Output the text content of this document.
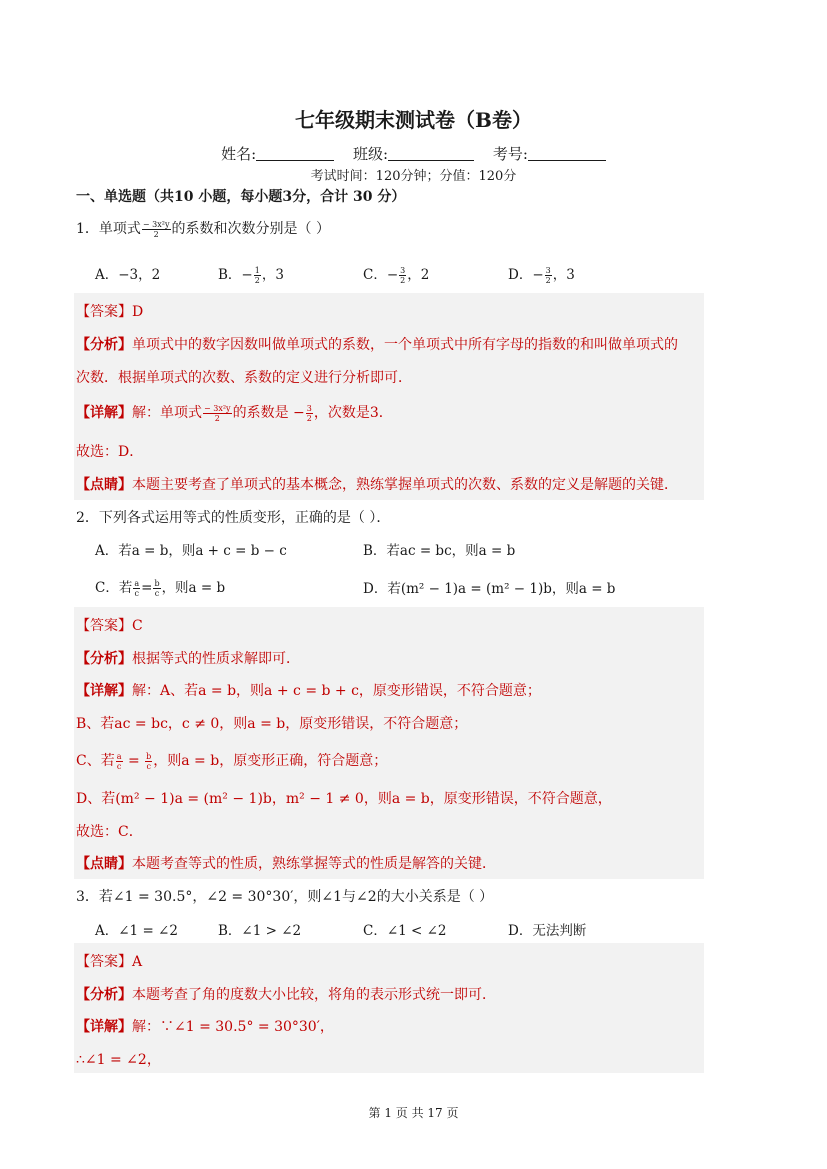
七年级期末测试卷（B卷）
姓名:	班级:	考号:
考试时间：120分钟；分值：120分
一、单选题（共10 小题，每小题3分，合计 30 分）
1．单项式 $\frac{\text{− 3x²y}}{2}$ 的系数和次数分别是（ ）
A．−3，2	B．− $\frac{1}{2}$ ，3	C．− $\frac{3}{2}$ ，2	D．− $\frac{3}{2}$ ，3
【答案】D
【分析】单项式中的数字因数叫做单项式的系数，一个单项式中所有字母的指数的和叫做单项式的
次数．根据单项式的次数、系数的定义进行分析即可．
【详解】解：单项式 $\frac{\text{− 3x²y}}{2}$ 的系数是 − $\frac{3}{2}$ ，次数是3．
故选：D．
【点睛】本题主要考查了单项式的基本概念，熟练掌握单项式的次数、系数的定义是解题的关键．
2．下列各式运用等式的性质变形，正确的是（ ）．
A．若a = b，则a + c = b − c	B．若ac = bc，则a = b
C．若 $\frac{a}{c} = \frac{b}{c}$ ，则a = b	D．若(m² − 1)a = (m² − 1)b，则a = b
【答案】C
【分析】根据等式的性质求解即可．
【详解】解：A、若a = b，则a + c = b + c，原变形错误，不符合题意；
B、若ac = bc，c ≠ 0，则a = b，原变形错误，不符合题意；
C、若 $\frac{a}{c} = \frac{b}{c}$ ，则a = b，原变形正确，符合题意；
D、若(m² − 1)a = (m² − 1)b，m² − 1 ≠ 0，则a = b，原变形错误，不符合题意，
故选：C．
【点睛】本题考查等式的性质，熟练掌握等式的性质是解答的关键．
3．若∠1 = 30.5°，∠2 = 30°30′，则∠1与∠2的大小关系是（ ）
A．∠1 = ∠2	B．∠1 > ∠2	C．∠1 < ∠2	D．无法判断
【答案】A
【分析】本题考查了角的度数大小比较，将角的表示形式统一即可．
【详解】解：∵∠1 = 30.5° = 30°30′，
∴∠1 = ∠2，
第 1 页 共 17 页
